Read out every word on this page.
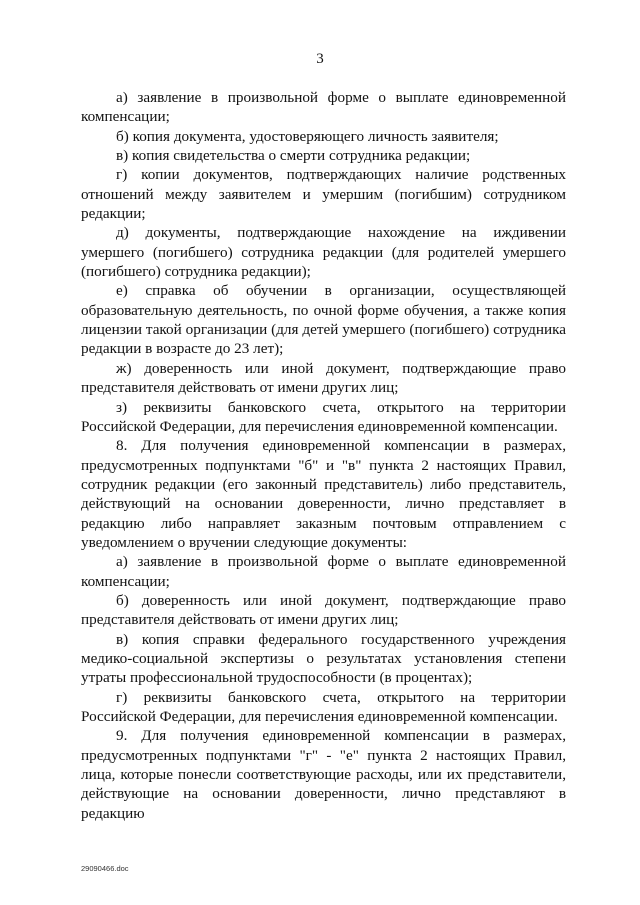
3

а) заявление в произвольной форме о выплате единовременной компенсации;

б) копия документа, удостоверяющего личность заявителя;

в) копия свидетельства о смерти сотрудника редакции;

г) копии документов, подтверждающих наличие родственных отношений между заявителем и умершим (погибшим) сотрудником редакции;

д) документы, подтверждающие нахождение на иждивении умершего (погибшего) сотрудника редакции (для родителей умершего (погибшего) сотрудника редакции);

е) справка об обучении в организации, осуществляющей образовательную деятельность, по очной форме обучения, а также копия лицензии такой организации (для детей умершего (погибшего) сотрудника редакции в возрасте до 23 лет);

ж) доверенность или иной документ, подтверждающие право представителя действовать от имени других лиц;

з) реквизиты банковского счета, открытого на территории Российской Федерации, для перечисления единовременной компенсации.

8. Для получения единовременной компенсации в размерах, предусмотренных подпунктами "б" и "в" пункта 2 настоящих Правил, сотрудник редакции (его законный представитель) либо представитель, действующий на основании доверенности, лично представляет в редакцию либо направляет заказным почтовым отправлением с уведомлением о вручении следующие документы:

а) заявление в произвольной форме о выплате единовременной компенсации;

б) доверенность или иной документ, подтверждающие право представителя действовать от имени других лиц;

в) копия справки федерального государственного учреждения медико-социальной экспертизы о результатах установления степени утраты профессиональной трудоспособности (в процентах);

г) реквизиты банковского счета, открытого на территории Российской Федерации, для перечисления единовременной компенсации.

9. Для получения единовременной компенсации в размерах, предусмотренных подпунктами "г" - "е" пункта 2 настоящих Правил, лица, которые понесли соответствующие расходы, или их представители, действующие на основании доверенности, лично представляют в редакцию

29090466.doc
